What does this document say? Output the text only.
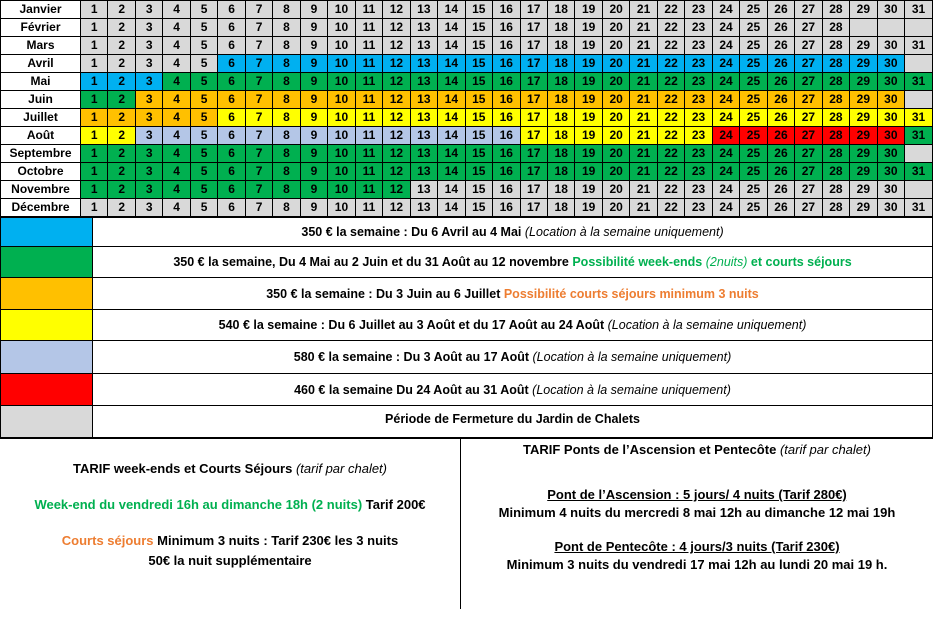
Janvier	1	2	3	4	5	6	7	8	9	10	11	12	13	14	15	16	17	18	19	20	21	22	23	24	25	26	27	28	29	30	31
Février	1	2	3	4	5	6	7	8	9	10	11	12	13	14	15	16	17	18	19	20	21	22	23	24	25	26	27	28			
Mars	1	2	3	4	5	6	7	8	9	10	11	12	13	14	15	16	17	18	19	20	21	22	23	24	25	26	27	28	29	30	31
Avril	1	2	3	4	5	6	7	8	9	10	11	12	13	14	15	16	17	18	19	20	21	22	23	24	25	26	27	28	29	30	
Mai	1	2	3	4	5	6	7	8	9	10	11	12	13	14	15	16	17	18	19	20	21	22	23	24	25	26	27	28	29	30	31
Juin	1	2	3	4	5	6	7	8	9	10	11	12	13	14	15	16	17	18	19	20	21	22	23	24	25	26	27	28	29	30	
Juillet	1	2	3	4	5	6	7	8	9	10	11	12	13	14	15	16	17	18	19	20	21	22	23	24	25	26	27	28	29	30	31
Août	1	2	3	4	5	6	7	8	9	10	11	12	13	14	15	16	17	18	19	20	21	22	23	24	25	26	27	28	29	30	31
Septembre	1	2	3	4	5	6	7	8	9	10	11	12	13	14	15	16	17	18	19	20	21	22	23	24	25	26	27	28	29	30	
Octobre	1	2	3	4	5	6	7	8	9	10	11	12	13	14	15	16	17	18	19	20	21	22	23	24	25	26	27	28	29	30	31
Novembre	1	2	3	4	5	6	7	8	9	10	11	12	13	14	15	16	17	18	19	20	21	22	23	24	25	26	27	28	29	30	
Décembre	1	2	3	4	5	6	7	8	9	10	11	12	13	14	15	16	17	18	19	20	21	22	23	24	25	26	27	28	29	30	31
	350 € la semaine : Du 6 Avril au 4 Mai (Location à la semaine uniquement)
	350 € la semaine, Du 4 Mai au 2 Juin et du 31 Août au 12 novembre Possibilité week-ends (2nuits) et courts séjours
	350 € la semaine : Du 3 Juin au 6 Juillet Possibilité courts séjours minimum 3 nuits
	540 € la semaine : Du 6 Juillet au 3 Août et du 17 Août au 24 Août (Location à la semaine uniquement)
	580 € la semaine : Du 3 Août au 17 Août (Location à la semaine uniquement)
	460 € la semaine Du 24 Août au 31 Août (Location à la semaine uniquement)
	Période de Fermeture du Jardin de Chalets

TARIF week-ends et Courts Séjours (tarif par chalet)

Week-end du vendredi 16h au dimanche 18h (2 nuits) Tarif 200€

Courts séjours Minimum 3 nuits : Tarif 230€ les 3 nuits

50€ la nuit supplémentaire

TARIF Ponts de l’Ascension et Pentecôte (tarif par chalet)

Pont de l’Ascension : 5 jours/ 4 nuits (Tarif 280€)

Minimum 4 nuits du mercredi 8 mai 12h au dimanche 12 mai 19h

Pont de Pentecôte : 4 jours/3 nuits (Tarif 230€)

Minimum 3 nuits du vendredi 17 mai 12h au lundi 20 mai 19 h.
